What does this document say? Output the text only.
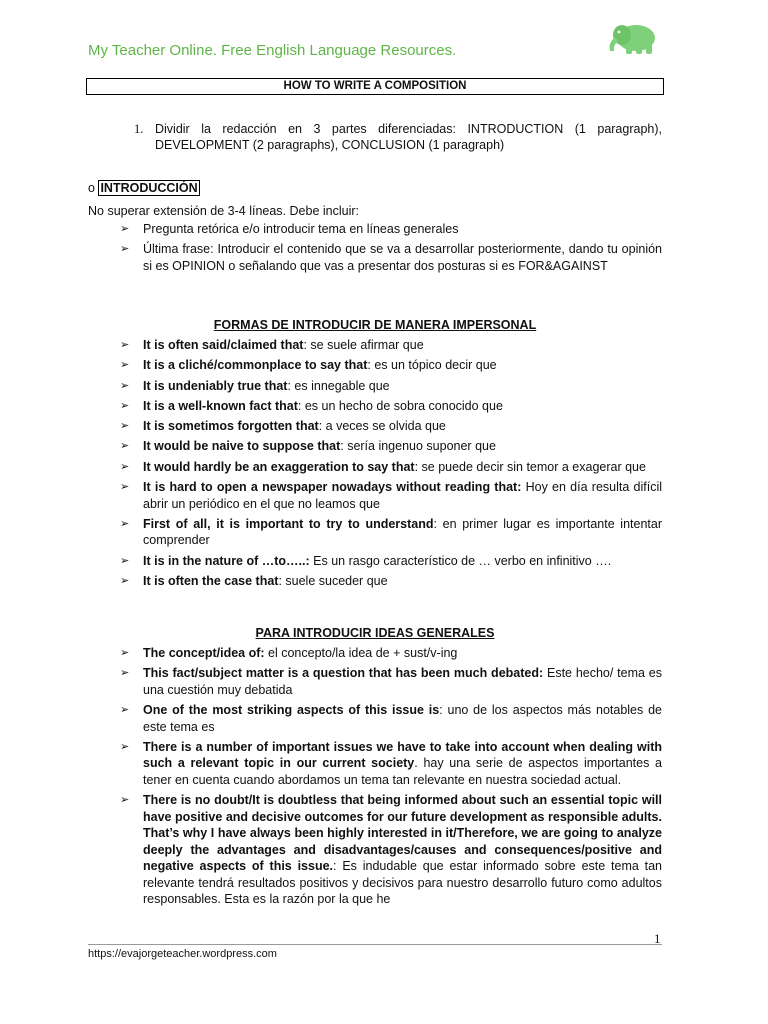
My Teacher Online. Free English Language Resources.
HOW TO WRITE A COMPOSITION
1. Dividir la redacción en 3 partes diferenciadas: INTRODUCTION (1 paragraph), DEVELOPMENT (2 paragraphs), CONCLUSION (1 paragraph)
o INTRODUCCIÓN
No superar extensión de 3-4 líneas. Debe incluir:
➢ Pregunta retórica e/o introducir tema en líneas generales
➢ Última frase: Introducir el contenido que se va a desarrollar posteriormente, dando tu opinión si es OPINION o señalando que vas a presentar dos posturas si es FOR&AGAINST
FORMAS DE INTRODUCIR DE MANERA IMPERSONAL
➢ It is often said/claimed that: se suele afirmar que
➢ It is a cliché/commonplace to say that: es un tópico decir que
➢ It is undeniably true that: es innegable que
➢ It is a well-known fact that: es un hecho de sobra conocido que
➢ It is sometimos forgotten that: a veces se olvida que
➢ It would be naive to suppose that: sería ingenuo suponer que
➢ It would hardly be an exaggeration to say that: se puede decir sin temor a exagerar que
➢ It is hard to open a newspaper nowadays without reading that: Hoy en día resulta difícil abrir un periódico en el que no leamos que
➢ First of all, it is important to try to understand: en primer lugar es importante intentar comprender
➢ It is in the nature of …to…..: Es un rasgo característico de … verbo en infinitivo ….
➢ It is often the case that: suele suceder que
PARA INTRODUCIR IDEAS GENERALES
➢ The concept/idea of: el concepto/la idea de + sust/v-ing
➢ This fact/subject matter is a question that has been much debated: Este hecho/ tema es una cuestión muy debatida
➢ One of the most striking aspects of this issue is: uno de los aspectos más notables de este tema es
➢ There is a number of important issues we have to take into account when dealing with such a relevant topic in our current society. hay una serie de aspectos importantes a tener en cuenta cuando abordamos un tema tan relevante en nuestra sociedad actual.
➢ There is no doubt/It is doubtless that being informed about such an essential topic will have positive and decisive outcomes for our future development as responsible adults. That’s why I have always been highly interested in it/Therefore, we are going to analyze deeply the advantages and disadvantages/causes and consequences/positive and negative aspects of this issue.: Es indudable que estar informado sobre este tema tan relevante tendrá resultados positivos y decisivos para nuestro desarrollo futuro como adultos responsables. Esta es la razón por la que he
1
https://evajorgeteacher.wordpress.com
